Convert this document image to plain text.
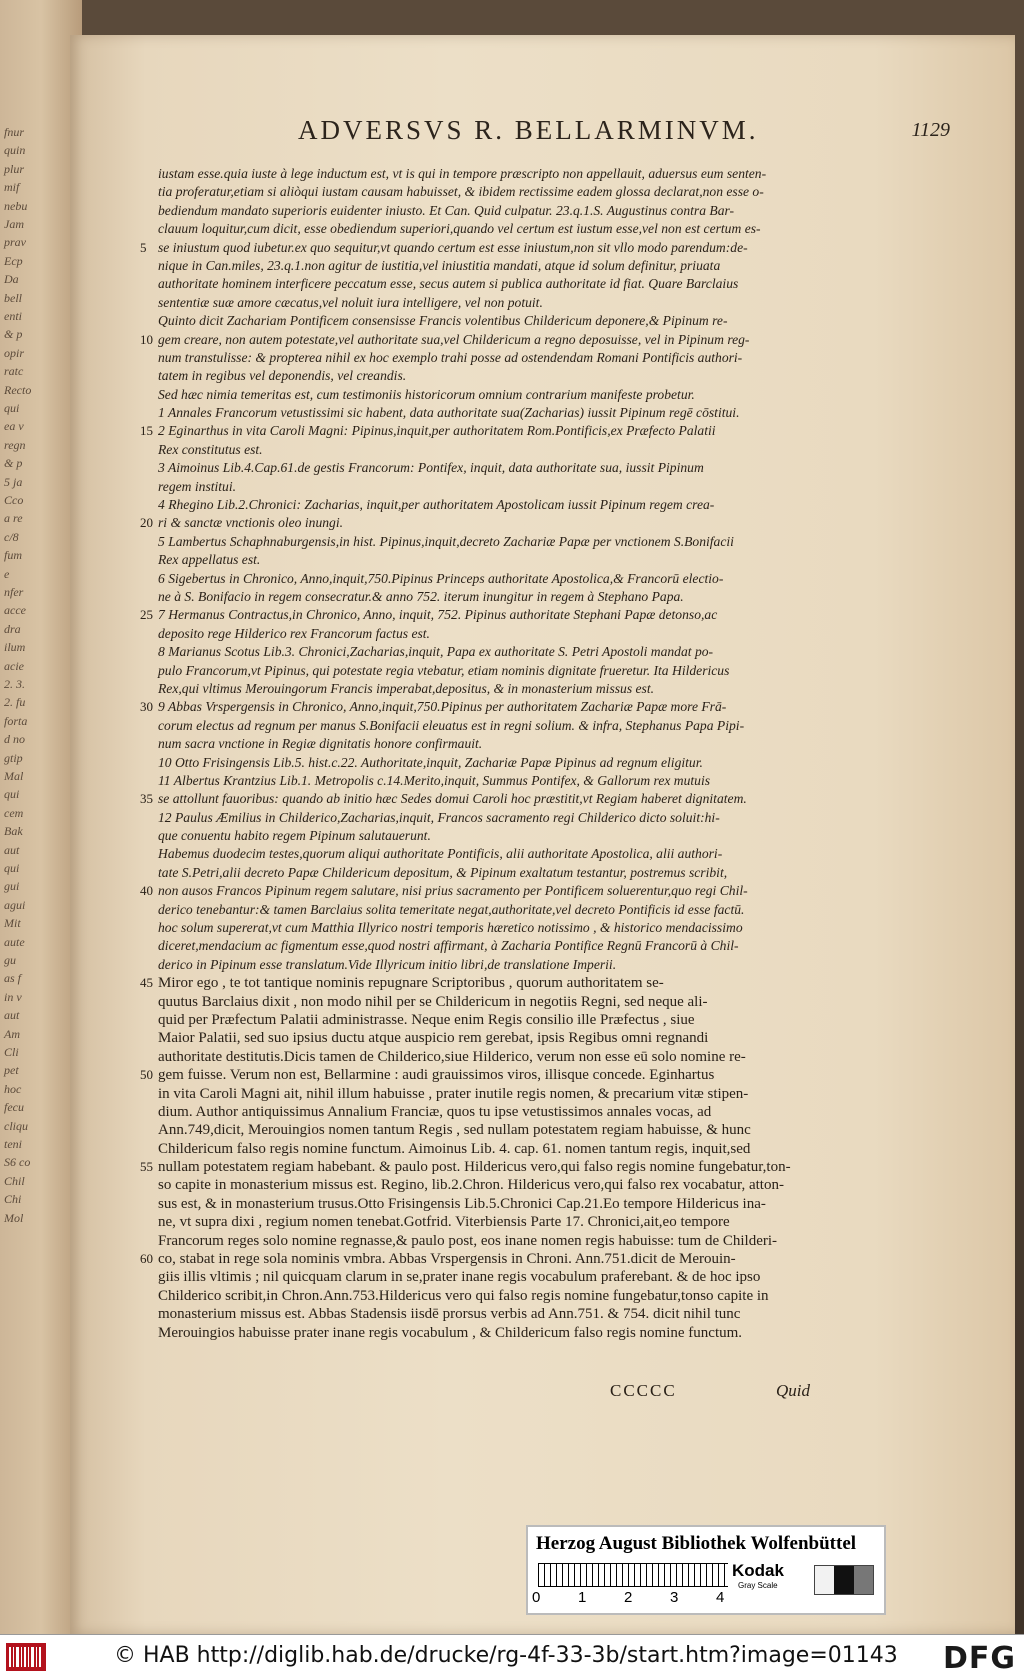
fnur
quin
plur
mif
nebu
Jam
prav
Ecp
Da
bell
enti
& p
opir
ratc
Recto
qui
ea v
regn
& p
5 ja
Cco
a re
c/8
fum
e
nfer
acce
dra
ilum
acie
2. 3.
2. fu
forta
d no
gtip
Mal
qui
cem
Bak
aut
qui
gui
agui
Mit
aute
gu
as f
in v
aut
Am
Cli
pet
hoc
fecu
cliqu
teni
S6 co
Chil
Chi
Mol
ADVERSVS R. BELLARMINVM.	1129
iustam esse.quia iuste à lege inductum est, vt is qui in tempore præscripto non appellauit, aduersus eum senten-
tia proferatur,etiam si aliòqui iustam causam habuisset, & ibidem rectissime eadem glossa declarat,non esse o-
bediendum mandato superioris euidenter iniusto. Et Can. Quid culpatur. 23.q.1.S. Augustinus contra Bar-
clauum loquitur,cum dicit, esse obediendum superiori,quando vel certum est iustum esse,vel non est certum es-
5 se iniustum quod iubetur.ex quo sequitur,vt quando certum est esse iniustum,non sit vllo modo parendum:de-
nique in Can.miles, 23.q.1.non agitur de iustitia,vel iniustitia mandati, atque id solum definitur, priuata
authoritate hominem interficere peccatum esse, secus autem si publica authoritate id fiat. Quare Barclaius
sententiæ suæ amore cæcatus,vel noluit iura intelligere, vel non potuit.
Quinto dicit Zachariam Pontificem consensisse Francis volentibus Childericum deponere,& Pipinum re-
10 gem creare, non autem potestate,vel authoritate sua,vel Childericum a regno deposuisse, vel in Pipinum reg-
num transtulisse: & propterea nihil ex hoc exemplo trahi posse ad ostendendam Romani Pontificis authori-
tatem in regibus vel deponendis, vel creandis.
Sed hæc nimia temeritas est, cum testimoniis historicorum omnium contrarium manifeste probetur.
1 Annales Francorum vetustissimi sic habent, data authoritate sua(Zacharias) iussit Pipinum regē cōstitui.
15 2 Eginarthus in vita Caroli Magni: Pipinus,inquit,per authoritatem Rom.Pontificis,ex Præfecto Palatii
Rex constitutus est.
3 Aimoinus Lib.4.Cap.61.de gestis Francorum: Pontifex, inquit, data authoritate sua, iussit Pipinum
regem institui.
4 Rhegino Lib.2.Chronici: Zacharias, inquit,per authoritatem Apostolicam iussit Pipinum regem crea-
20 ri & sanctæ vnctionis oleo inungi.
5 Lambertus Schaphnaburgensis,in hist. Pipinus,inquit,decreto Zachariæ Papæ per vnctionem S.Bonifacii
Rex appellatus est.
6 Sigebertus in Chronico, Anno,inquit,750.Pipinus Princeps authoritate Apostolica,& Francorū electio-
ne à S. Bonifacio in regem consecratur.& anno 752. iterum inungitur in regem à Stephano Papa.
25 7 Hermanus Contractus,in Chronico, Anno, inquit, 752. Pipinus authoritate Stephani Papæ detonso,ac
deposito rege Hilderico rex Francorum factus est.
8 Marianus Scotus Lib.3. Chronici,Zacharias,inquit, Papa ex authoritate S. Petri Apostoli mandat po-
pulo Francorum,vt Pipinus, qui potestate regia vtebatur, etiam nominis dignitate frueretur. Ita Hildericus
Rex,qui vltimus Merouingorum Francis imperabat,depositus, & in monasterium missus est.
30 9 Abbas Vrspergensis in Chronico, Anno,inquit,750.Pipinus per authoritatem Zachariæ Papæ more Frā-
corum electus ad regnum per manus S.Bonifacii eleuatus est in regni solium. & infra, Stephanus Papa Pipi-
num sacra vnctione in Regiæ dignitatis honore confirmauit.
10 Otto Frisingensis Lib.5. hist.c.22. Authoritate,inquit, Zachariæ Papæ Pipinus ad regnum eligitur.
11 Albertus Krantzius Lib.1. Metropolis c.14.Merito,inquit, Summus Pontifex, & Gallorum rex mutuis
35 se attollunt fauoribus: quando ab initio hæc Sedes domui Caroli hoc præstitit,vt Regiam haberet dignitatem.
12 Paulus Æmilius in Childerico,Zacharias,inquit, Francos sacramento regi Childerico dicto soluit:hi-
que conuentu habito regem Pipinum salutauerunt.
Habemus duodecim testes,quorum aliqui authoritate Pontificis, alii authoritate Apostolica, alii authori-
tate S.Petri,alii decreto Papæ Childericum depositum, & Pipinum exaltatum testantur, postremus scribit,
40 non ausos Francos Pipinum regem salutare, nisi prius sacramento per Pontificem soluerentur,quo regi Chil-
derico tenebantur:& tamen Barclaius solita temeritate negat,authoritate,vel decreto Pontificis id esse factū.
hoc solum supererat,vt cum Matthia Illyrico nostri temporis hæretico notissimo , & historico mendacissimo
diceret,mendacium ac figmentum esse,quod nostri affirmant, à Zacharia Pontifice Regnū Francorū à Chil-
derico in Pipinum esse translatum.Vide Illyricum initio libri,de translatione Imperii.
45 Miror ego , te tot tantique nominis repugnare Scriptoribus , quorum authoritatem se-
quutus Barclaius dixit , non modo nihil per se Childericum in negotiis Regni, sed neque ali-
quid per Præfectum Palatii administrasse. Neque enim Regis consilio ille Præfectus , siue
Maior Palatii, sed suo ipsius ductu atque auspicio rem gerebat, ipsis Regibus omni regnandi
authoritate destitutis.Dicis tamen de Childerico,siue Hilderico, verum non esse eū solo nomine re-
50 gem fuisse. Verum non est, Bellarmine : audi grauissimos viros, illisque concede. Eginhartus
in vita Caroli Magni ait, nihil illum habuisse , prater inutile regis nomen, & precarium vitæ stipen-
dium. Author antiquissimus Annalium Franciæ, quos tu ipse vetustissimos annales vocas, ad
Ann.749,dicit, Merouingios nomen tantum Regis , sed nullam potestatem regiam habuisse, & hunc
Childericum falso regis nomine functum. Aimoinus Lib. 4. cap. 61. nomen tantum regis, inquit,sed
55 nullam potestatem regiam habebant. & paulo post. Hildericus vero,qui falso regis nomine fungebatur,ton-
so capite in monasterium missus est. Regino, lib.2.Chron. Hildericus vero,qui falso rex vocabatur, atton-
sus est, & in monasterium trusus.Otto Frisingensis Lib.5.Chronici Cap.21.Eo tempore Hildericus ina-
ne, vt supra dixi , regium nomen tenebat.Gotfrid. Viterbiensis Parte 17. Chronici,ait,eo tempore
Francorum reges solo nomine regnasse,& paulo post, eos inane nomen regis habuisse: tum de Childeri-
60 co, stabat in rege sola nominis vmbra. Abbas Vrspergensis in Chroni. Ann.751.dicit de Merouin-
giis illis vltimis ; nil quicquam clarum in se,prater inane regis vocabulum praferebant. & de hoc ipso
Childerico scribit,in Chron.Ann.753.Hildericus vero qui falso regis nomine fungebatur,tonso capite in
monasterium missus est. Abbas Stadensis iisdē prorsus verbis ad Ann.751. & 754. dicit nihil tunc
Merouingios habuisse prater inane regis vocabulum , & Childericum falso regis nomine functum.
CCCCC	Quid
Herzog August Bibliothek Wolfenbüttel
0	1	2	3	4
Kodak
Gray Scale
© HAB http://diglib.hab.de/drucke/rg-4f-33-3b/start.htm?image=01143 DFG
